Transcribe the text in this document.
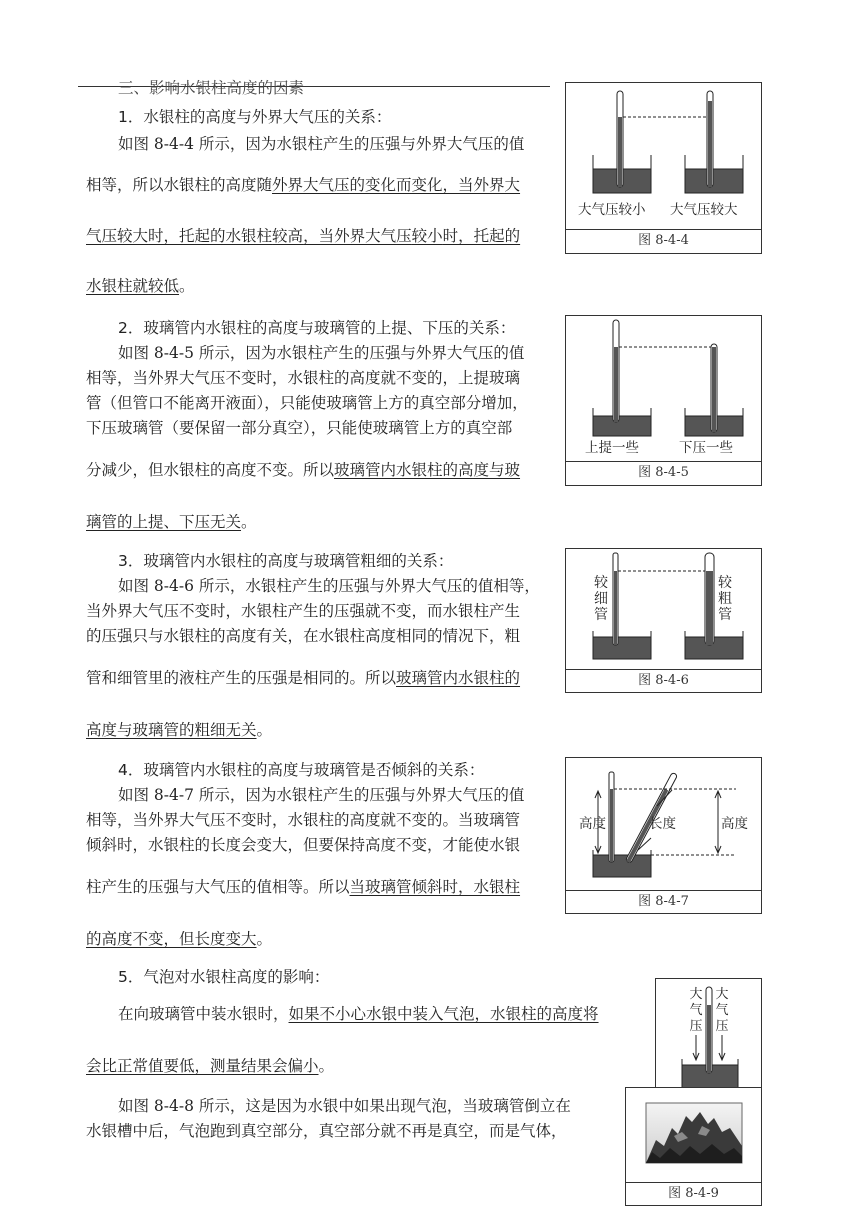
三、影响水银柱高度的因素
1．水银柱的高度与外界大气压的关系：
如图 8-4-4 所示，因为水银柱产生的压强与外界大气压的值
相等，所以水银柱的高度随外界大气压的变化而变化，当外界大
气压较大时，托起的水银柱较高，当外界大气压较小时，托起的
水银柱就较低。
2．玻璃管内水银柱的高度与玻璃管的上提、下压的关系：
如图 8-4-5 所示，因为水银柱产生的压强与外界大气压的值
相等，当外界大气压不变时，水银柱的高度就不变的，上提玻璃
管（但管口不能离开液面），只能使玻璃管上方的真空部分增加，
下压玻璃管（要保留一部分真空），只能使玻璃管上方的真空部
分减少，但水银柱的高度不变。所以玻璃管内水银柱的高度与玻
璃管的上提、下压无关。
3．玻璃管内水银柱的高度与玻璃管粗细的关系：
如图 8-4-6 所示，水银柱产生的压强与外界大气压的值相等，
当外界大气压不变时，水银柱产生的压强就不变，而水银柱产生
的压强只与水银柱的高度有关，在水银柱高度相同的情况下，粗
管和细管里的液柱产生的压强是相同的。所以玻璃管内水银柱的
高度与玻璃管的粗细无关。
4．玻璃管内水银柱的高度与玻璃管是否倾斜的关系：
如图 8-4-7 所示，因为水银柱产生的压强与外界大气压的值
相等，当外界大气压不变时，水银柱的高度就不变的。当玻璃管
倾斜时，水银柱的长度会变大，但要保持高度不变，才能使水银
柱产生的压强与大气压的值相等。所以当玻璃管倾斜时，水银柱
的高度不变，但长度变大。
5．气泡对水银柱高度的影响：
在向玻璃管中装水银时，如果不小心水银中装入气泡，水银柱的高度将
会比正常值要低，测量结果会偏小。
如图 8-4-8 所示，这是因为水银中如果出现气泡，当玻璃管倒立在
水银槽中后，气泡跑到真空部分，真空部分就不再是真空，而是气体，
大气压较小 大气压较大
图 8-4-4
上提一些	下压一些
图 8-4-5
较细管
较粗管
图 8-4-6
高度	长度	高度
图 8-4-7
大气压
大气压
图 8-4-9
